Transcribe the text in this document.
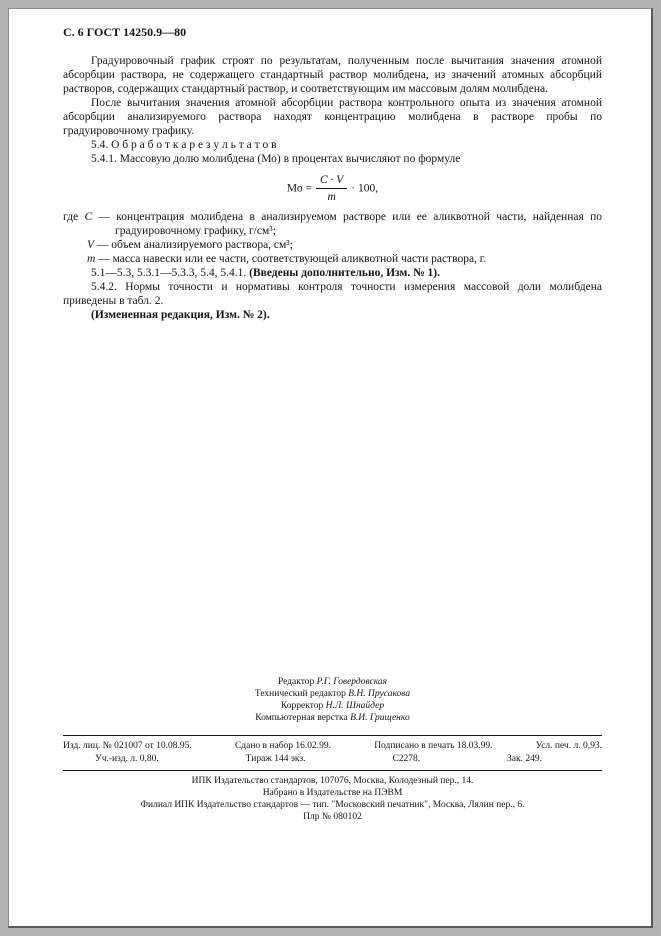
С. 6 ГОСТ 14250.9—80

Градуировочный график строят по результатам, полученным после вычитания значения атомной абсорбции раствора, не содержащего стандартный раствор молибдена, из значений атомных абсорбций растворов, содержащих стандартный раствор, и соответствующим им массовым долям молибдена.

После вычитания значения атомной абсорбции раствора контрольного опыта из значения атомной абсорбции анализируемого раствора находят концентрацию молибдена в растворе пробы по градуировочному графику.

5.4. О б р а б о т к а р е з у л ь т а т о в

5.4.1. Массовую долю молибдена (Мо) в процентах вычисляют по формуле

Мо = $\frac{C \cdot V}{m} \cdot 100$,
где С — концентрация молибдена в анализируемом растворе или ее аликвотной части, найденная по градуировочному графику, г/см³;
V — объем анализируемого раствора, см³;
m — масса навески или ее части, соответствующей аликвотной части раствора, г.

5.1—5.3, 5.3.1—5.3.3, 5.4, 5.4.1. (Введены дополнительно, Изм. № 1).

5.4.2. Нормы точности и нормативы контроля точности измерения массовой доли молибдена приведены в табл. 2.

(Измененная редакция, Изм. № 2).

Редактор Р.Г. Говердовская
Технический редактор В.Н. Прусакова
Корректор Н.Л. Шнайдер
Компьютерная верстка В.И. Грищенко
Изд. лиц. № 021007 от 10.08.95.	Сдано в набор 16.02.99.	Подписано в печать 18.03.99.	Усл. печ. л. 0,93.
Уч.-изд. л. 0,80.	Тираж 144 экз.	С2278.	Зак. 249.
ИПК Издательство стандартов, 107076, Москва, Колодезный пер., 14.
Набрано в Издательстве на ПЭВМ
Филиал ИПК Издательство стандартов — тип. "Московский печатник", Москва, Лялин пер., 6.
Плр № 080102
